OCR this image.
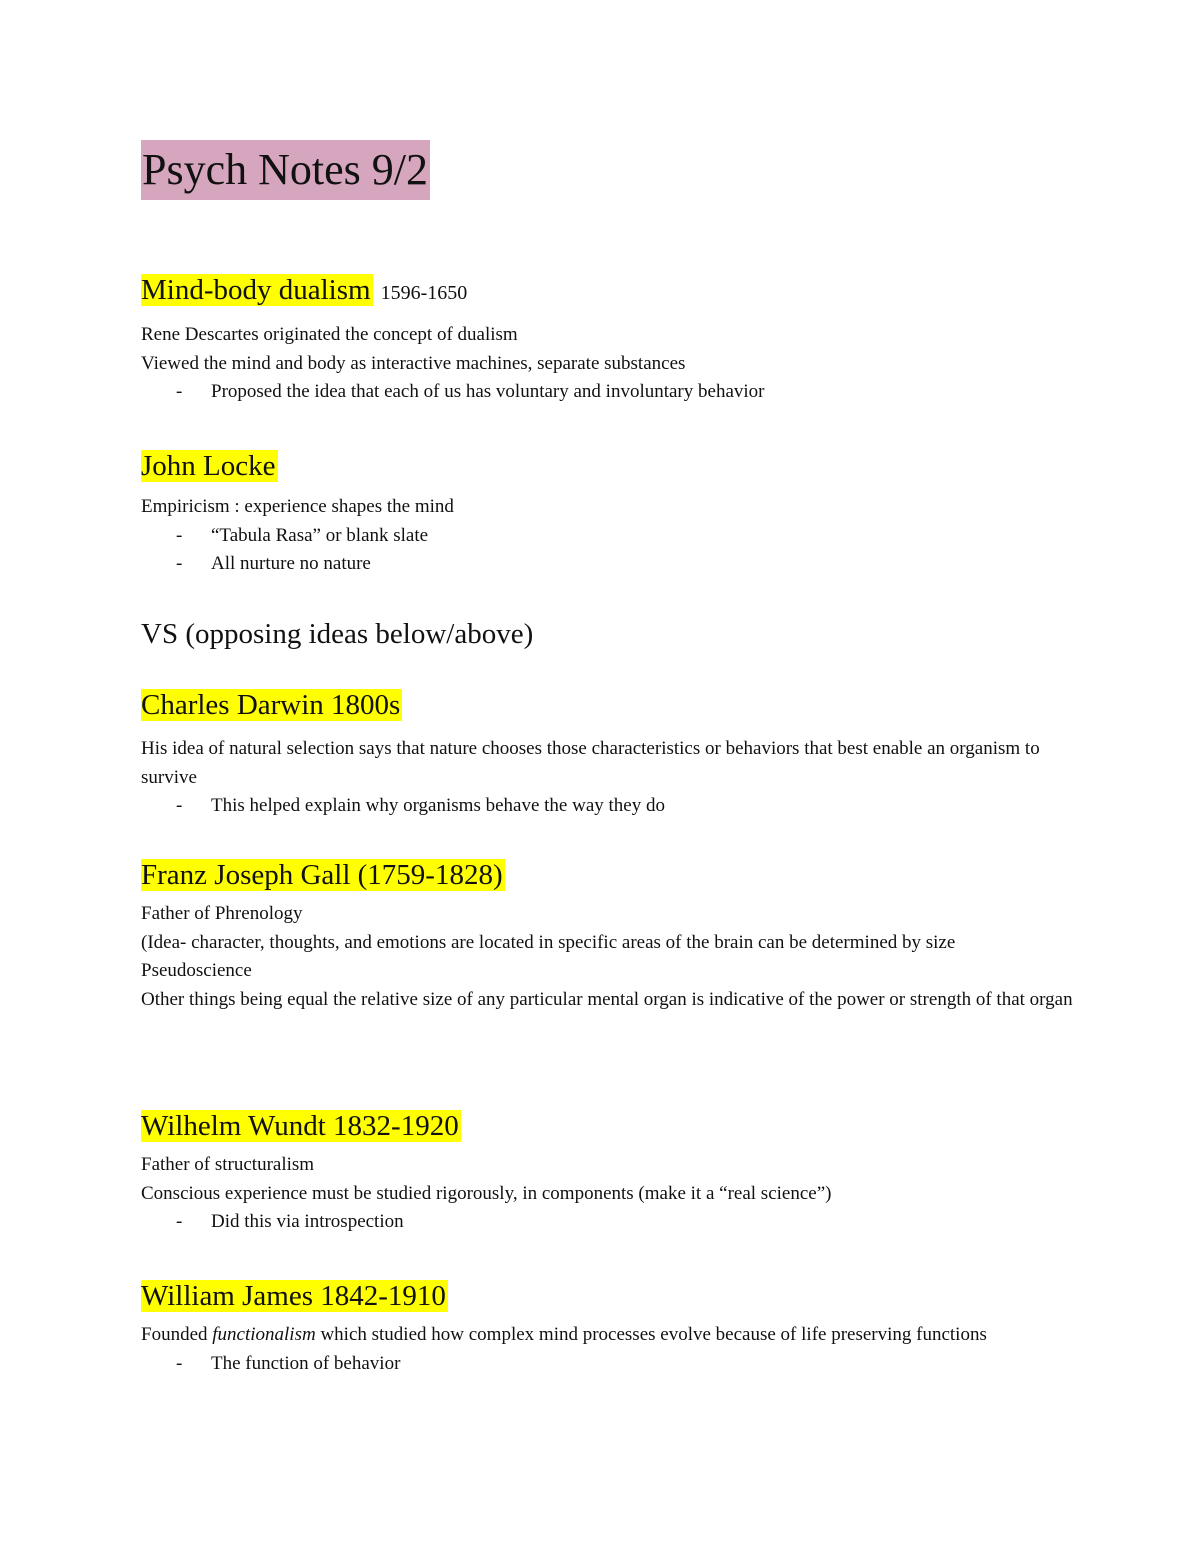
Psych Notes 9/2
Mind-body dualism 1596-1650

Rene Descartes originated the concept of dualism

Viewed the mind and body as interactive machines, separate substances

- Proposed the idea that each of us has voluntary and involuntary behavior
John Locke

Empiricism : experience shapes the mind

- “Tabula Rasa” or blank slate
- All nurture no nature
VS (opposing ideas below/above)
Charles Darwin 1800s

His idea of natural selection says that nature chooses those characteristics or behaviors that best enable an organism to survive

- This helped explain why organisms behave the way they do
Franz Joseph Gall (1759-1828)

Father of Phrenology

(Idea- character, thoughts, and emotions are located in specific areas of the brain can be determined by size

Pseudoscience

Other things being equal the relative size of any particular mental organ is indicative of the power or strength of that organ

Wilhelm Wundt 1832-1920

Father of structuralism

Conscious experience must be studied rigorously, in components (make it a “real science”)

- Did this via introspection
William James 1842-1910

Founded functionalism which studied how complex mind processes evolve because of life preserving functions

- The function of behavior
